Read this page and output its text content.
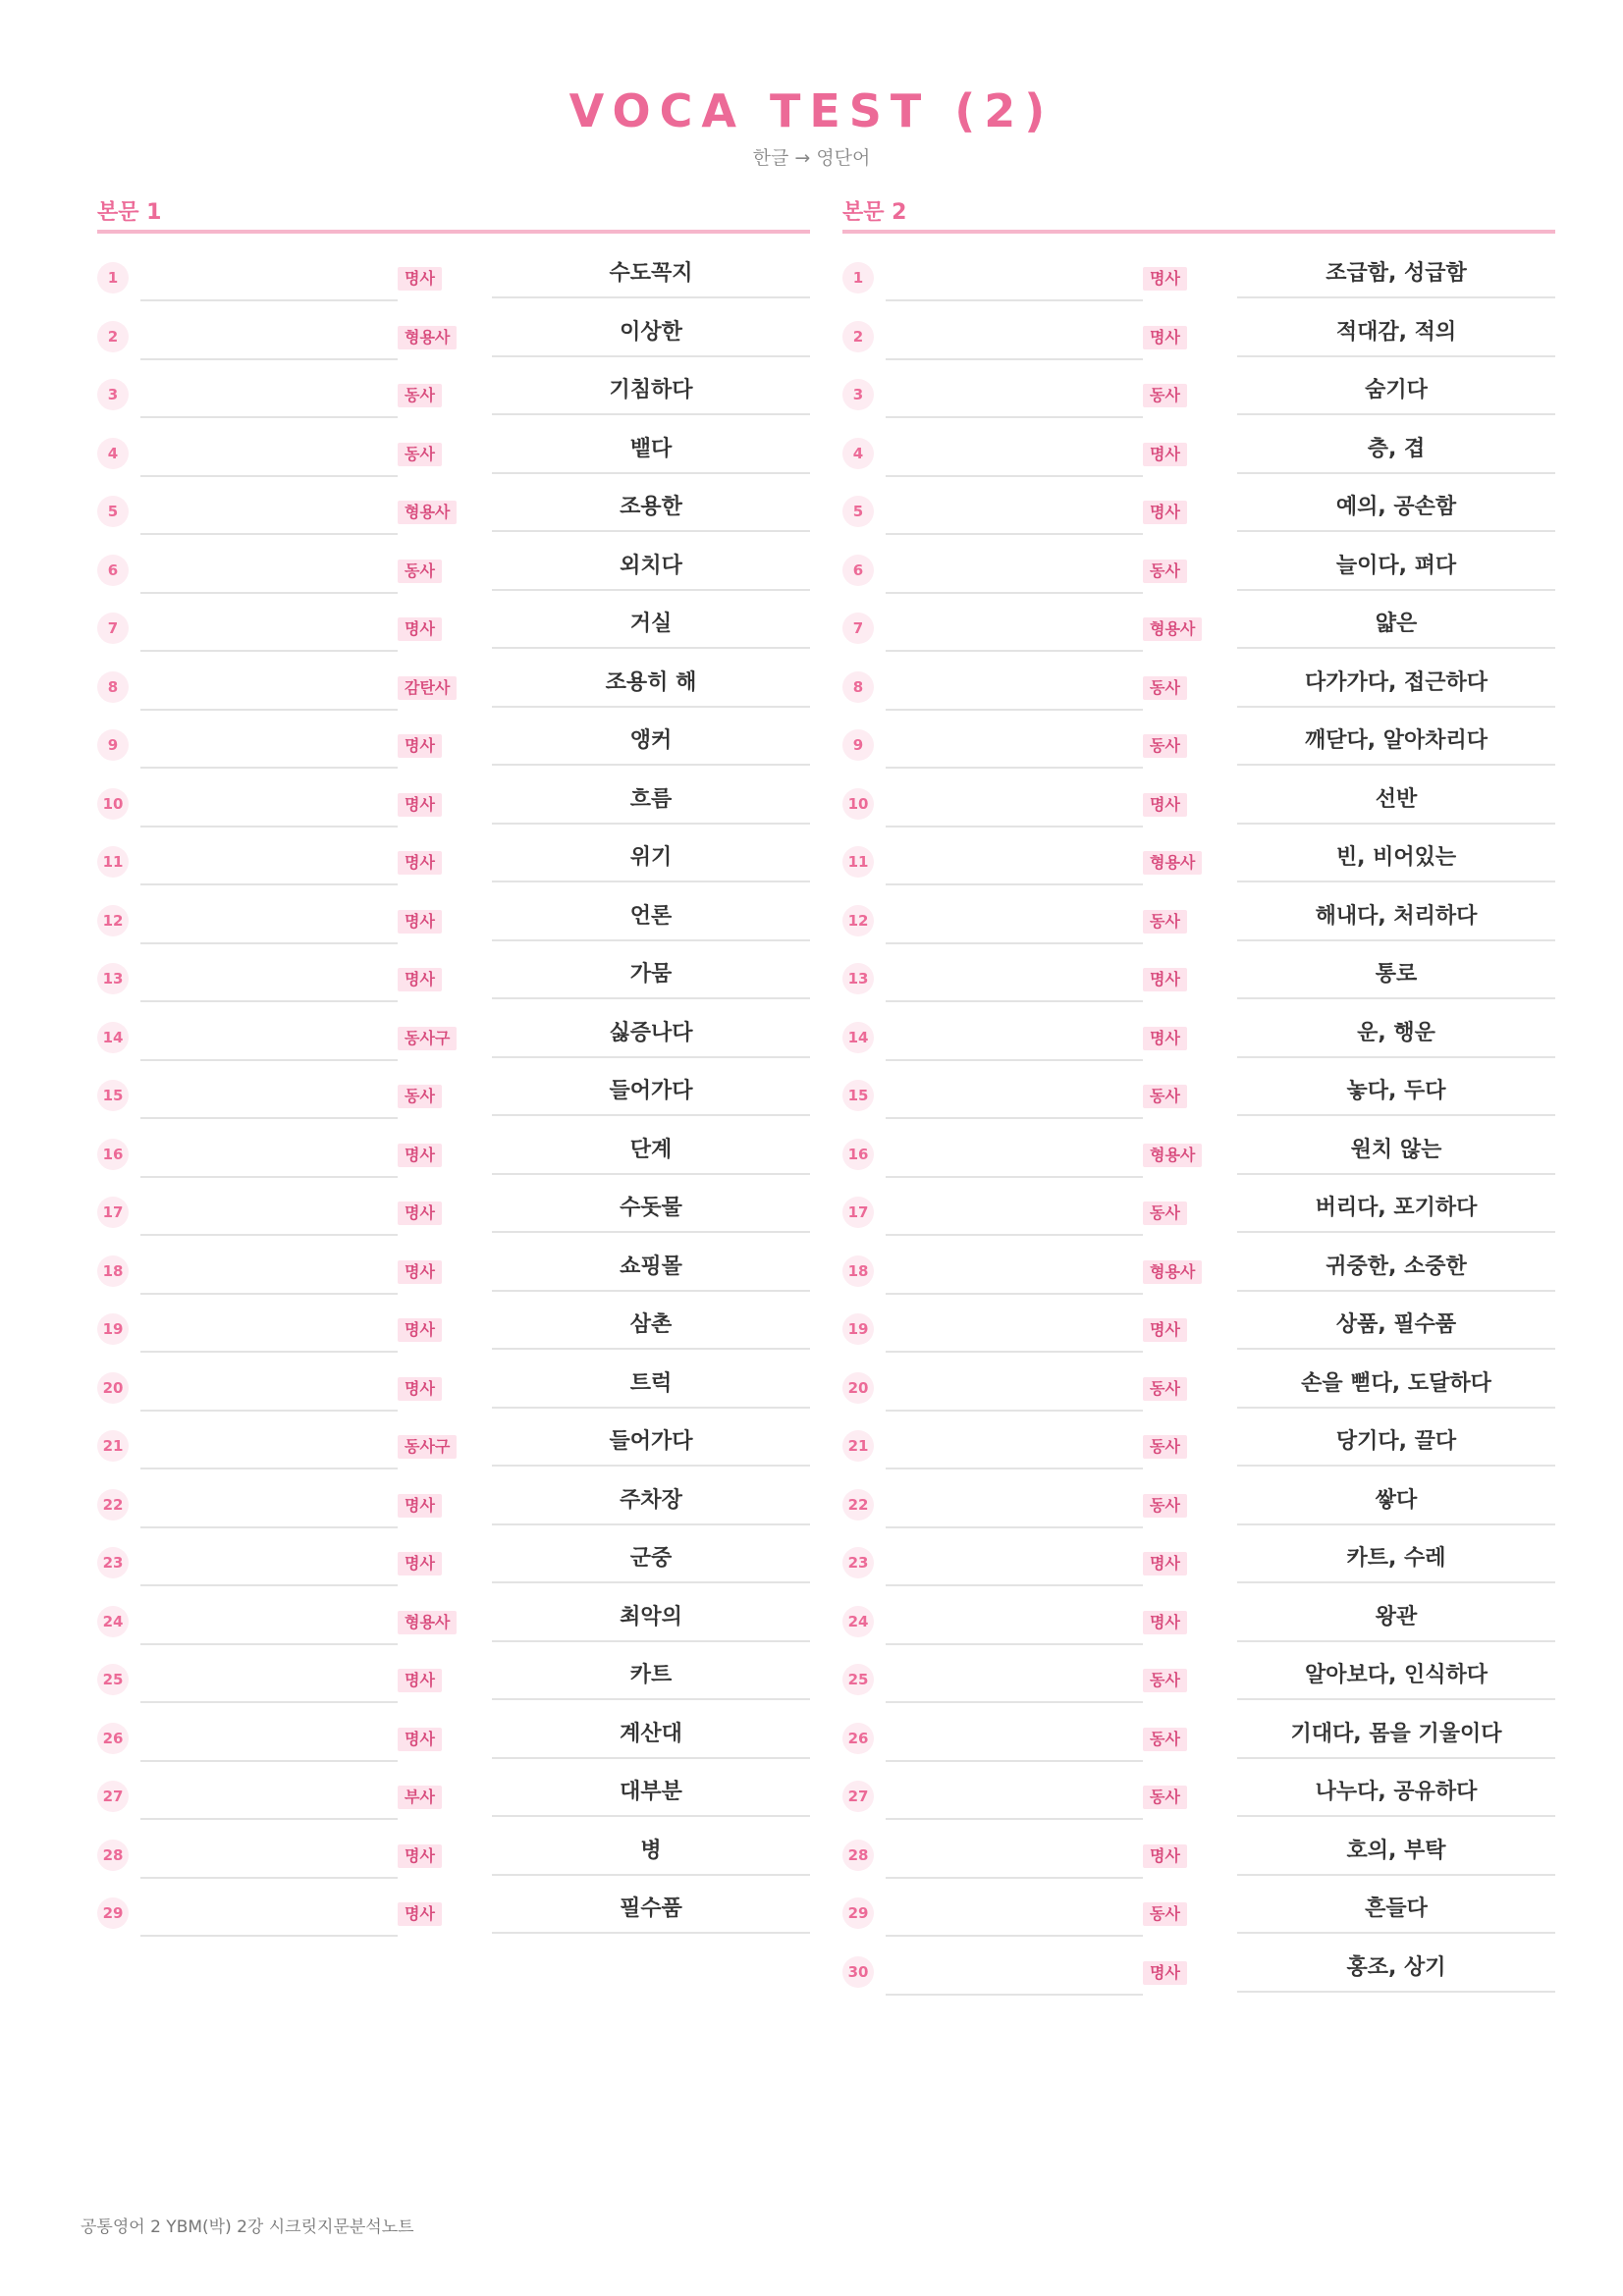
VOCA TEST (2)
한글 → 영단어
본문 1
1	명사	수도꼭지
2	형용사	이상한
3	동사	기침하다
4	동사	뱉다
5	형용사	조용한
6	동사	외치다
7	명사	거실
8	감탄사	조용히 해
9	명사	앵커
10	명사	흐름
11	명사	위기
12	명사	언론
13	명사	가뭄
14	동사구	싫증나다
15	동사	들어가다
16	명사	단계
17	명사	수돗물
18	명사	쇼핑몰
19	명사	삼촌
20	명사	트럭
21	동사구	들어가다
22	명사	주차장
23	명사	군중
24	형용사	최악의
25	명사	카트
26	명사	계산대
27	부사	대부분
28	명사	병
29	명사	필수품
본문 2
1	명사	조급함, 성급함
2	명사	적대감, 적의
3	동사	숨기다
4	명사	층, 겹
5	명사	예의, 공손함
6	동사	늘이다, 펴다
7	형용사	얇은
8	동사	다가가다, 접근하다
9	동사	깨닫다, 알아차리다
10	명사	선반
11	형용사	빈, 비어있는
12	동사	해내다, 처리하다
13	명사	통로
14	명사	운, 행운
15	동사	놓다, 두다
16	형용사	원치 않는
17	동사	버리다, 포기하다
18	형용사	귀중한, 소중한
19	명사	상품, 필수품
20	동사	손을 뻗다, 도달하다
21	동사	당기다, 끌다
22	동사	쌓다
23	명사	카트, 수레
24	명사	왕관
25	동사	알아보다, 인식하다
26	동사	기대다, 몸을 기울이다
27	동사	나누다, 공유하다
28	명사	호의, 부탁
29	동사	흔들다
30	명사	홍조, 상기
공통영어 2 YBM(박) 2강 시크릿지문분석노트
